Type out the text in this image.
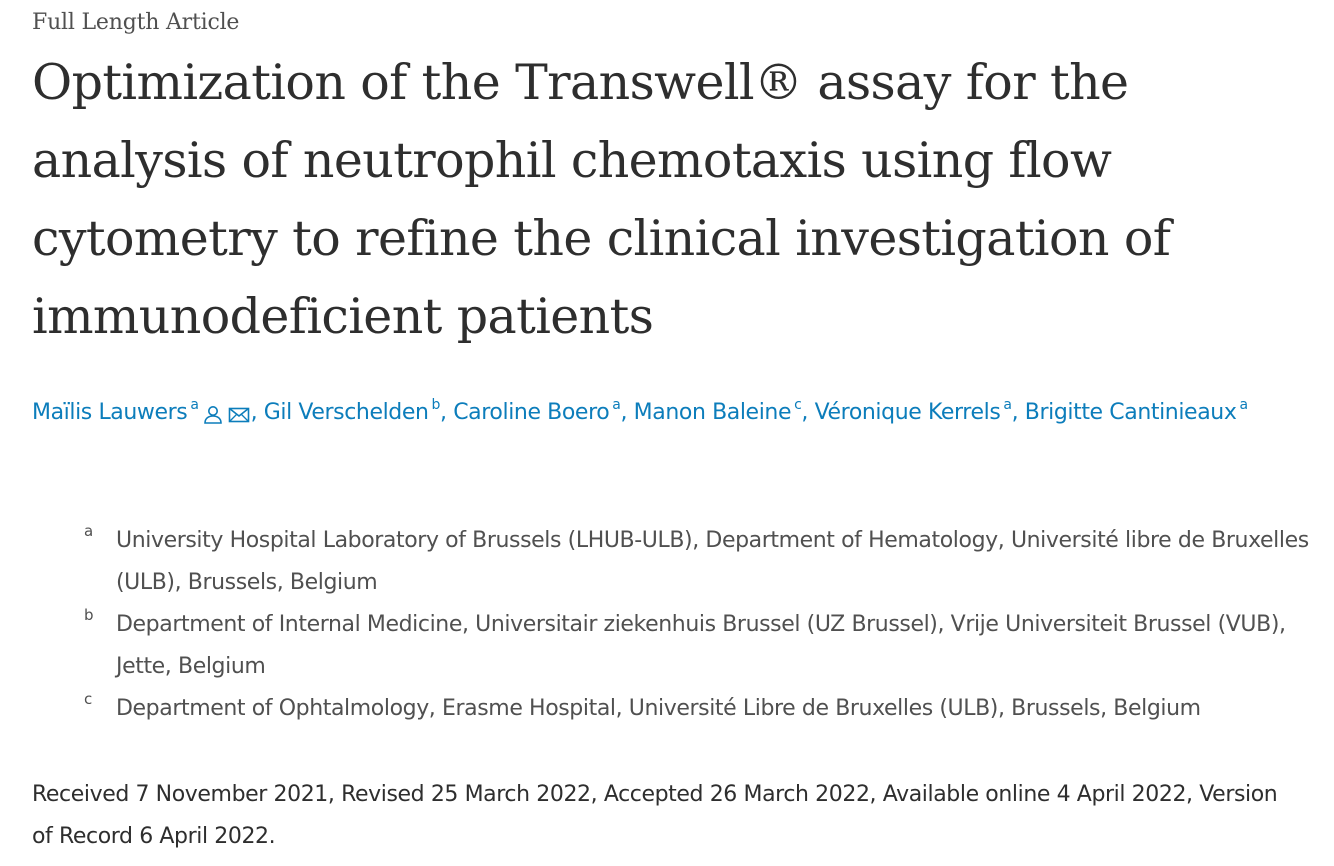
Full Length Article
Optimization of the Transwell® assay for the analysis of neutrophil chemotaxis using flow cytometry to refine the clinical investigation of immunodeficient patients
Maïlis Lauwers $^a$ , Gil Verschelden $^b$, Caroline Boero $^a$, Manon Baleine $^c$, Véronique Kerrels $^a$, Brigitte Cantinieaux $^a$
a University Hospital Laboratory of Brussels (LHUB-ULB), Department of Hematology, Université libre de Bruxelles (ULB), Brussels, Belgium
b Department of Internal Medicine, Universitair ziekenhuis Brussel (UZ Brussel), Vrije Universiteit Brussel (VUB), Jette, Belgium
c Department of Ophtalmology, Erasme Hospital, Université Libre de Bruxelles (ULB), Brussels, Belgium
Received 7 November 2021, Revised 25 March 2022, Accepted 26 March 2022, Available online 4 April 2022, Version of Record 6 April 2022.
